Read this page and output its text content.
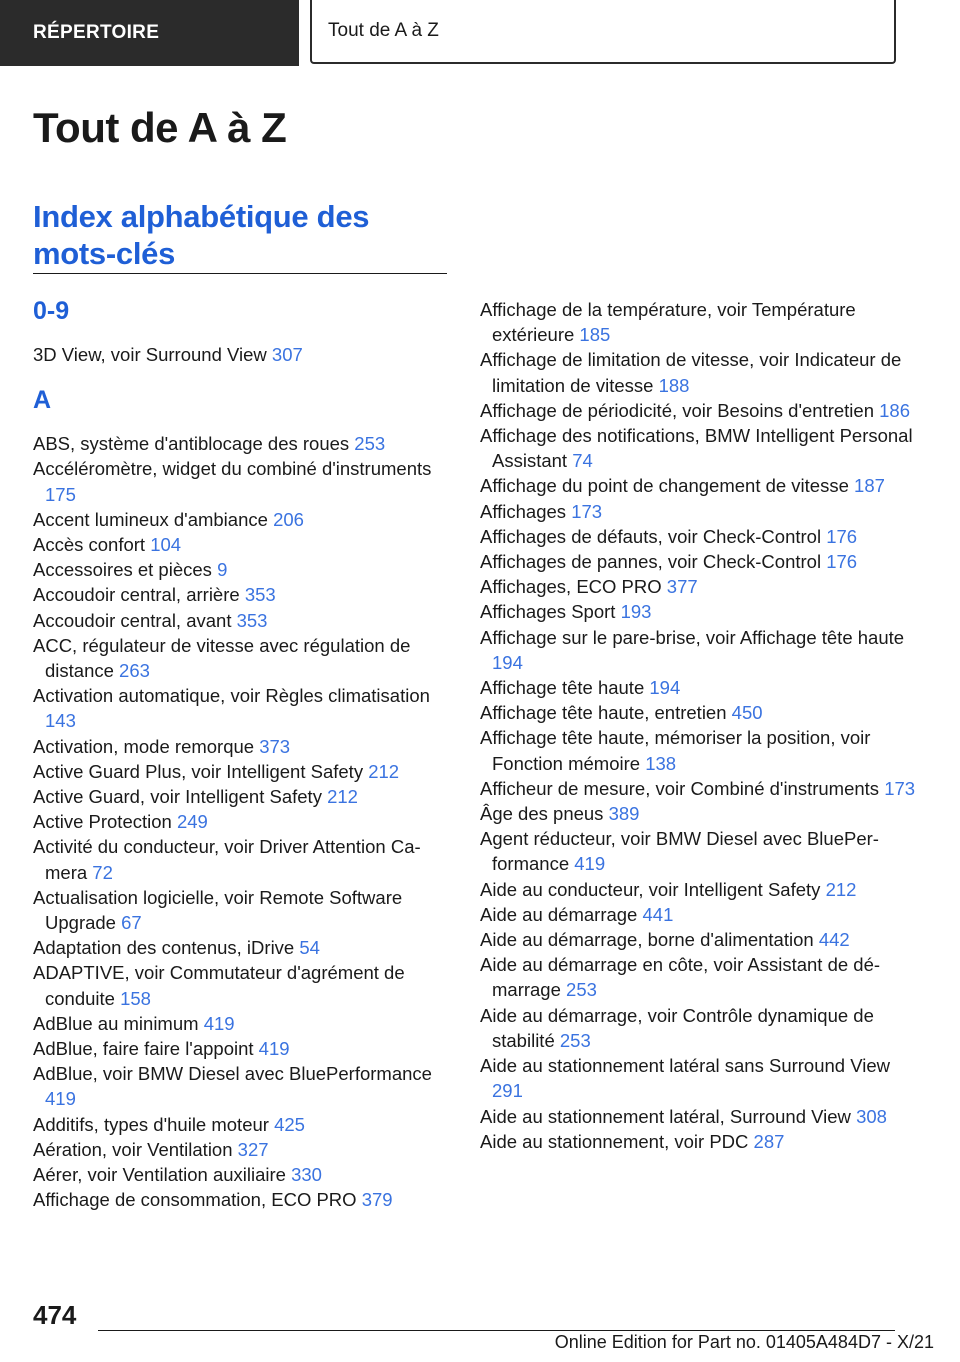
RÉPERTOIRE	Tout de A à Z
Tout de A à Z
Index alphabétique des mots-clés
0-9
3D View, voir Surround View 307
A
ABS, système d'antiblocage des roues 253
Accéléromètre, widget du combiné d'instruments 175
Accent lumineux d'ambiance 206
Accès confort 104
Accessoires et pièces 9
Accoudoir central, arrière 353
Accoudoir central, avant 353
ACC, régulateur de vitesse avec régulation de distance 263
Activation automatique, voir Règles climatisation 143
Activation, mode remorque 373
Active Guard Plus, voir Intelligent Safety 212
Active Guard, voir Intelligent Safety 212
Active Protection 249
Activité du conducteur, voir Driver Attention Camera 72
Actualisation logicielle, voir Remote Software Upgrade 67
Adaptation des contenus, iDrive 54
ADAPTIVE, voir Commutateur d'agrément de conduite 158
AdBlue au minimum 419
AdBlue, faire faire l'appoint 419
AdBlue, voir BMW Diesel avec BluePerformance 419
Additifs, types d'huile moteur 425
Aération, voir Ventilation 327
Aérer, voir Ventilation auxiliaire 330
Affichage de consommation, ECO PRO 379
Affichage de la température, voir Température extérieure 185
Affichage de limitation de vitesse, voir Indicateur de limitation de vitesse 188
Affichage de périodicité, voir Besoins d'entretien 186
Affichage des notifications, BMW Intelligent Personal Assistant 74
Affichage du point de changement de vitesse 187
Affichages 173
Affichages de défauts, voir Check-Control 176
Affichages de pannes, voir Check-Control 176
Affichages, ECO PRO 377
Affichages Sport 193
Affichage sur le pare-brise, voir Affichage tête haute 194
Affichage tête haute 194
Affichage tête haute, entretien 450
Affichage tête haute, mémoriser la position, voir Fonction mémoire 138
Afficheur de mesure, voir Combiné d'instruments 173
Âge des pneus 389
Agent réducteur, voir BMW Diesel avec BluePerformance 419
Aide au conducteur, voir Intelligent Safety 212
Aide au démarrage 441
Aide au démarrage, borne d'alimentation 442
Aide au démarrage en côte, voir Assistant de démarrage 253
Aide au démarrage, voir Contrôle dynamique de stabilité 253
Aide au stationnement latéral sans Surround View 291
Aide au stationnement latéral, Surround View 308
Aide au stationnement, voir PDC 287
474
Online Edition for Part no. 01405A484D7 - X/21
